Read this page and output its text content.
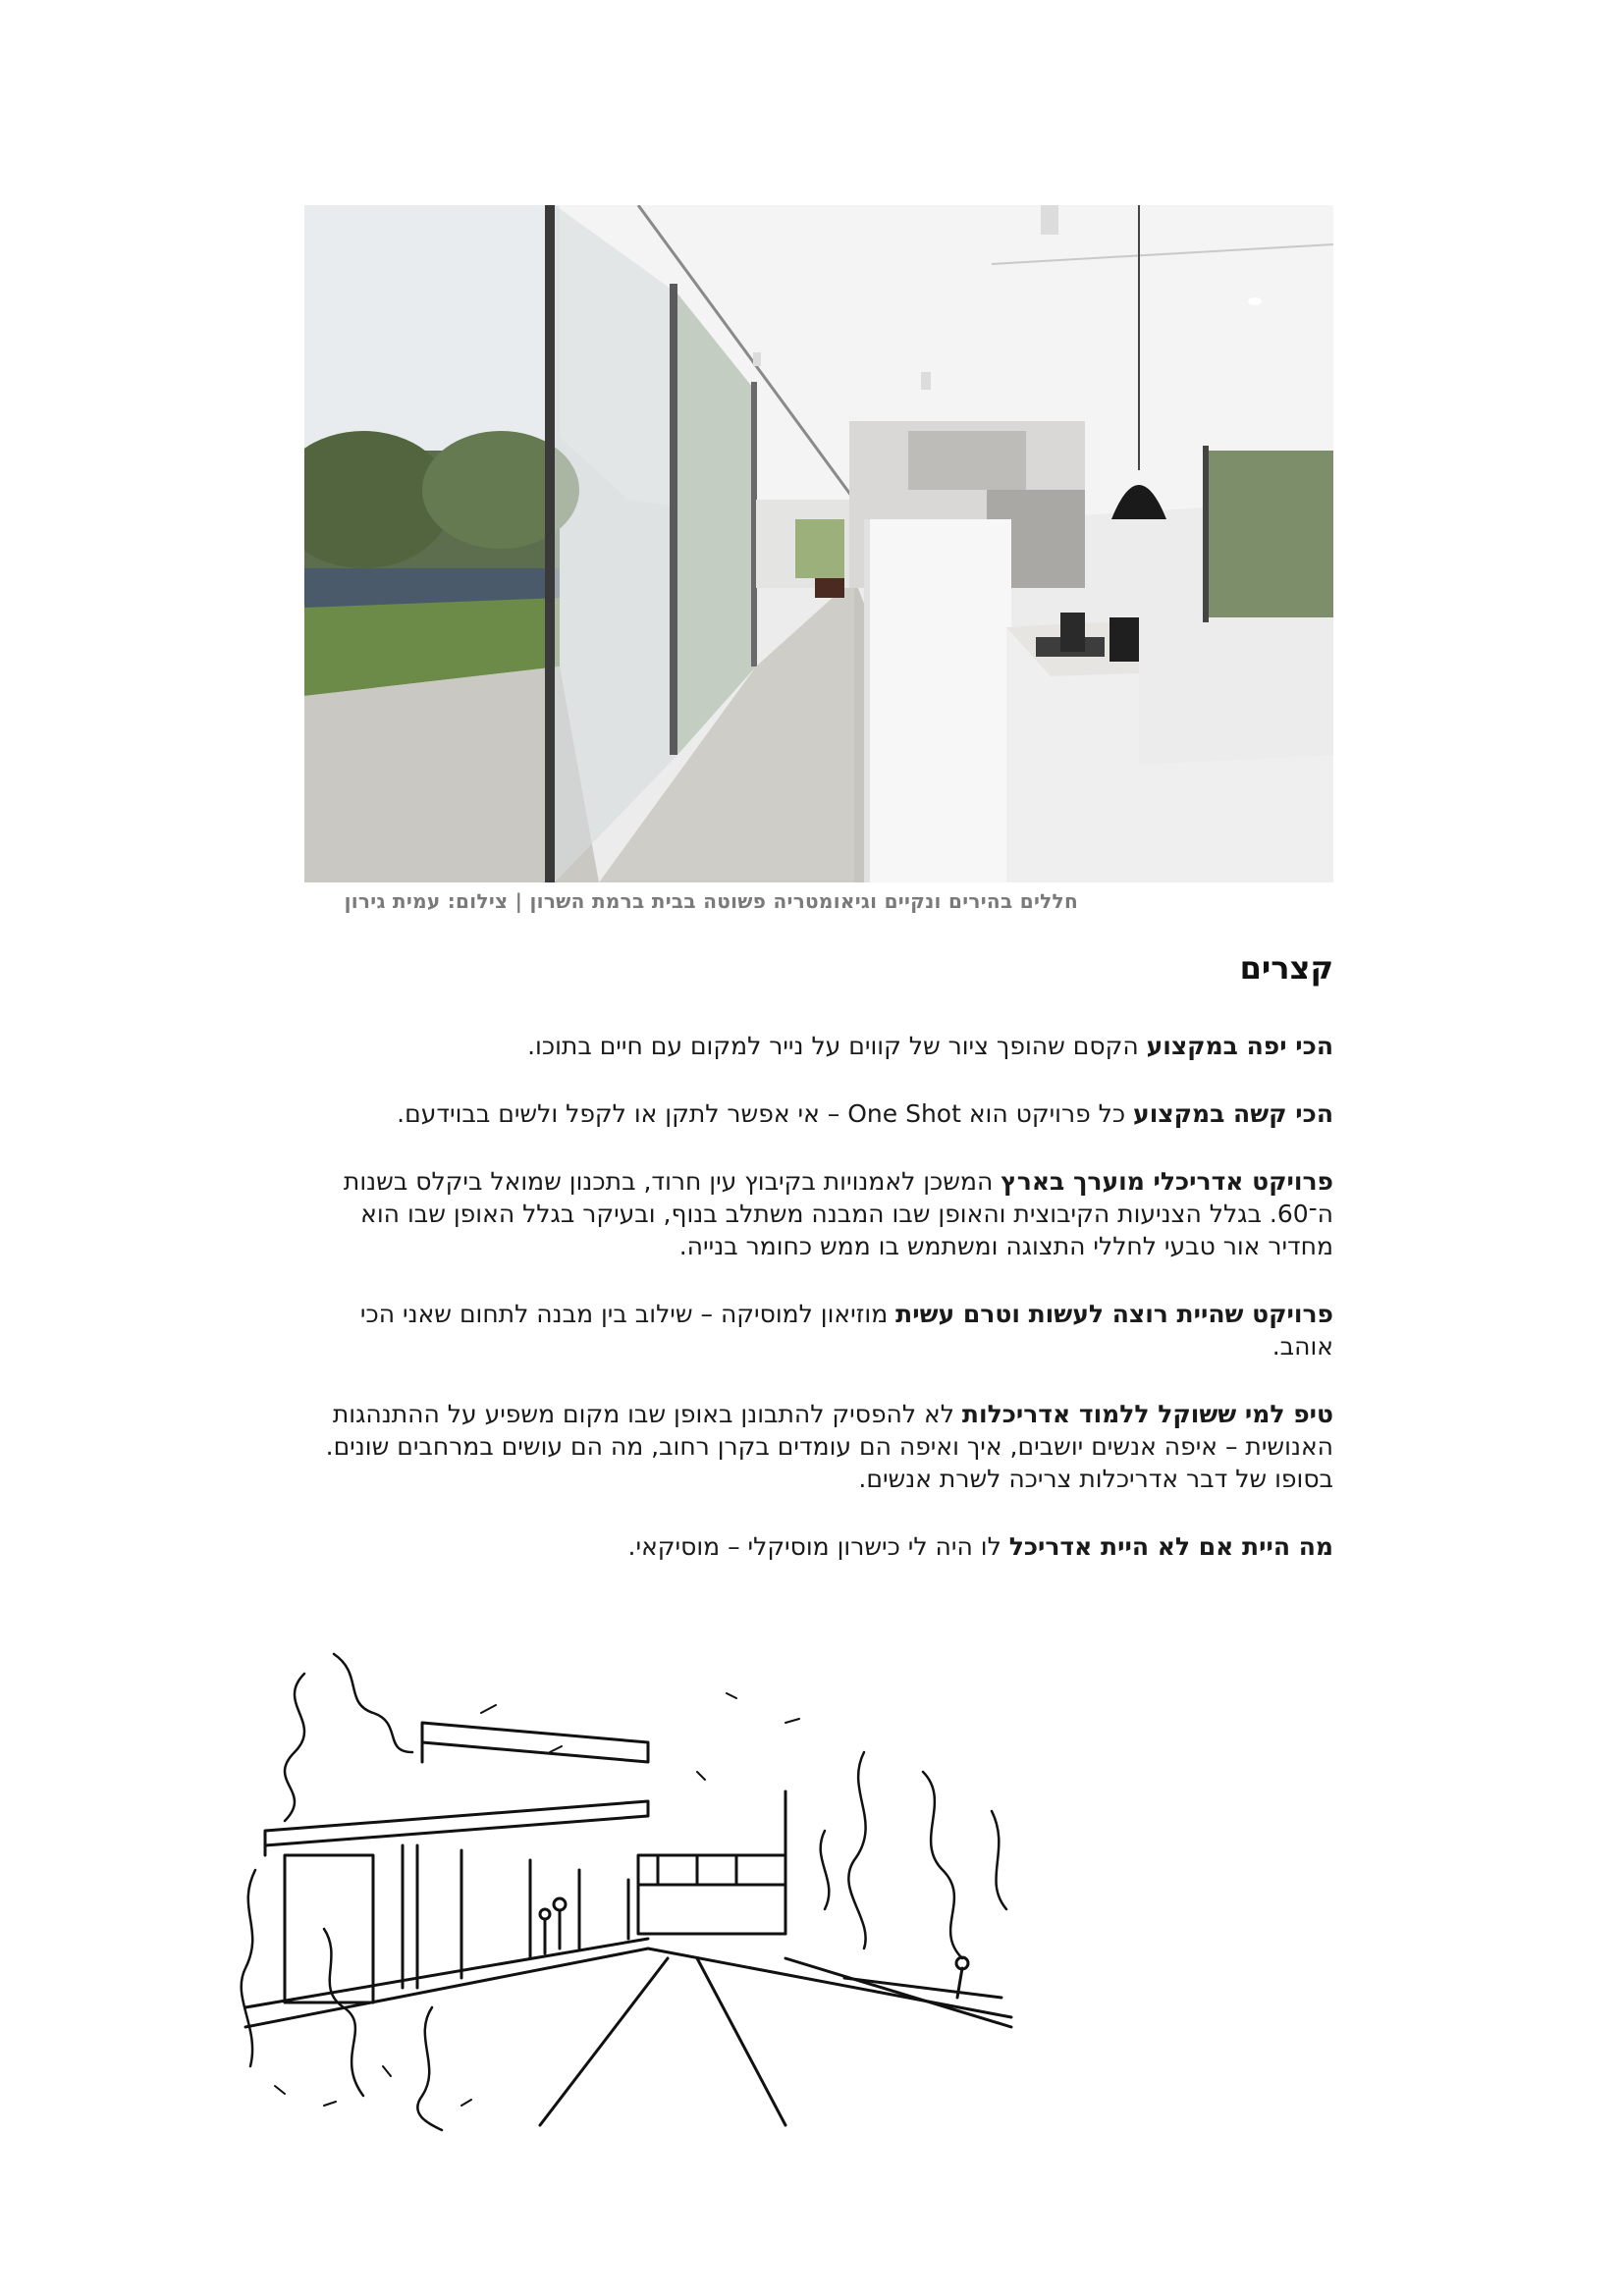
חללים בהירים ונקיים וגיאומטריה פשוטה בבית ברמת השרון | צילום: עמית גירון
קצרים

הכי יפה במקצוע הקסם שהופך ציור של קווים על נייר למקום עם חיים בתוכו.

הכי קשה במקצוע כל פרויקט הוא One Shot – אי אפשר לתקן או לקפל ולשים בבוידעם.

פרויקט אדריכלי מוערך בארץ המשכן לאמנויות בקיבוץ עין חרוד, בתכנון שמואל ביקלס בשנות ה־60. בגלל הצניעות הקיבוצית והאופן שבו המבנה משתלב בנוף, ובעיקר בגלל האופן שבו הוא מחדיר אור טבעי לחללי התצוגה ומשתמש בו ממש כחומר בנייה.

פרויקט שהיית רוצה לעשות וטרם עשית מוזיאון למוסיקה – שילוב בין מבנה לתחום שאני הכי אוהב.

טיפ למי ששוקל ללמוד אדריכלות לא להפסיק להתבונן באופן שבו מקום משפיע על ההתנהגות האנושית – איפה אנשים יושבים, איך ואיפה הם עומדים בקרן רחוב, מה הם עושים במרחבים שונים. בסופו של דבר אדריכלות צריכה לשרת אנשים.

מה היית אם לא היית אדריכל לו היה לי כישרון מוסיקלי – מוסיקאי.
